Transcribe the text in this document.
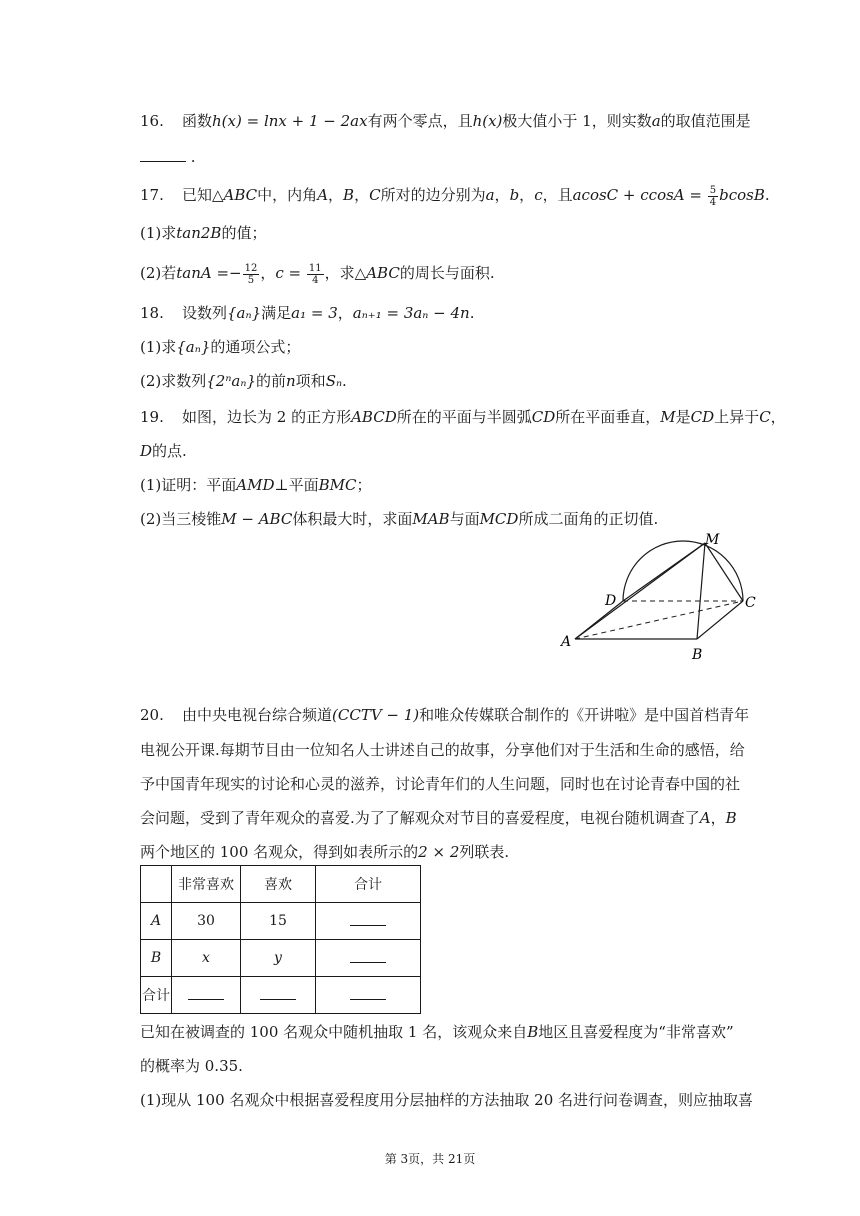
16. 函数h(x) = lnx + 1 − 2ax有两个零点，且h(x)极大值小于 1，则实数a的取值范围是
.
17. 已知△ABC中，内角A，B，C所对的边分别为a，b，c，且$acosC + ccosA = \frac{5}{4} bcosB$.
(1)求tan2B的值；
(2)若$\tan A =- \frac{12}{5}$ ，$c = \frac{11}{4}$ ，求△ABC的周长与面积.
18. 设数列{aₙ}满足a₁ = 3，aₙ₊₁ = 3aₙ − 4n.
(1)求{aₙ}的通项公式；
(2)求数列{2ⁿaₙ}的前n项和Sₙ.
19. 如图，边长为 2 的正方形ABCD所在的平面与半圆弧CD所在平面垂直，M是CD上异于C，
D的点.
(1)证明：平面AMD⊥平面BMC；
(2)当三棱锥M − ABC体积最大时，求面MAB与面MCD所成二面角的正切值.
M
D	C
A
B
20. 由中央电视台综合频道(CCTV − 1)和唯众传媒联合制作的《开讲啦》是中国首档青年
电视公开课.每期节目由一位知名人士讲述自己的故事，分享他们对于生活和生命的感悟，给
予中国青年现实的讨论和心灵的滋养，讨论青年们的人生问题，同时也在讨论青春中国的社
会问题，受到了青年观众的喜爱.为了了解观众对节目的喜爱程度，电视台随机调查了A，B
两个地区的 100 名观众，得到如表所示的2 × 2列联表.
	非常喜欢	喜欢	合计
A	30	15	
B	x	y	
合计			
已知在被调查的 100 名观众中随机抽取 1 名，该观众来自B地区且喜爱程度为“非常喜欢”
的概率为 0.35.
(1)现从 100 名观众中根据喜爱程度用分层抽样的方法抽取 20 名进行问卷调查，则应抽取喜
第 3页，共 21页
